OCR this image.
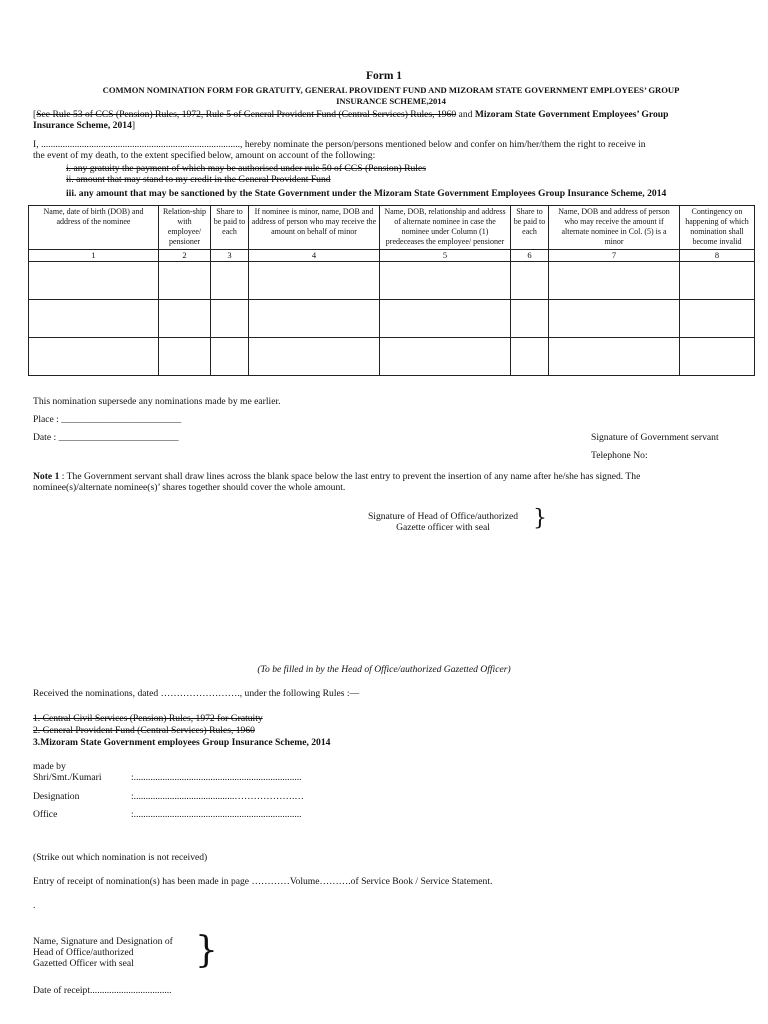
Form 1
COMMON NOMINATION FORM FOR GRATUITY, GENERAL PROVIDENT FUND AND MIZORAM STATE GOVERNMENT EMPLOYEES’ GROUP
INSURANCE SCHEME,2014
[See Rule 53 of CCS (Pension) Rules, 1972, Rule 5 of General Provident Fund (Central Services) Rules, 1960 and Mizoram State Government Employees’ Group
Insurance Scheme, 2014]
I, ..................................................................................., hereby nominate the person/persons mentioned below and confer on him/her/them the right to receive in
the event of my death, to the extent specified below, amount on account of the following:
i. any gratuity the payment of which may be authorised under rule 50 of CCS (Pension) Rules
ii. amount that may stand to my credit in the General Provident Fund
iii. any amount that may be sanctioned by the State Government under the Mizoram State Government Employees Group Insurance Scheme, 2014
Name, date of birth (DOB) and address of the nominee	Relation-ship with employee/ pensioner	Share to be paid to each	If nominee is minor, name, DOB and address of person who may receive the amount on behalf of minor	Name, DOB, relationship and address of alternate nominee in case the nominee under Column (1) predeceases the employee/ pensioner	Share to be paid to each	Name, DOB and address of person who may receive the amount if alternate nominee in Col. (5) is a minor	Contingency on happening of which nomination shall become invalid
1	2	3	4	5	6	7	8

This nomination supersede any nominations made by me earlier.
Place : _________________________
Date : _________________________	Signature of Government servant
Telephone No:
Note 1 : The Government servant shall draw lines across the blank space below the last entry to prevent the insertion of any name after he/she has signed. The
nominee(s)/alternate nominee(s)’ shares together should cover the whole amount.
Signature of Head of Office/authorized
Gazette officer with seal	}
(To be filled in by the Head of Office/authorized Gazetted Officer)
Received the nominations, dated ……………………., under the following Rules :—
1. Central Civil Services (Pension) Rules, 1972 for Gratuity
2. General Provident Fund (Central Services) Rules, 1960
3.Mizoram State Government employees Group Insurance Scheme, 2014
made by
Shri/Smt./Kumari	:......................................................................
Designation	:..........................................……………….…
Office	:......................................................................
(Strike out which nomination is not received)
Entry of receipt of nomination(s) has been made in page …………Volume……….of Service Book / Service Statement.
.
Name, Signature and Designation of
Head of Office/authorized
Gazetted Officer with seal	}
Date of receipt..................................
